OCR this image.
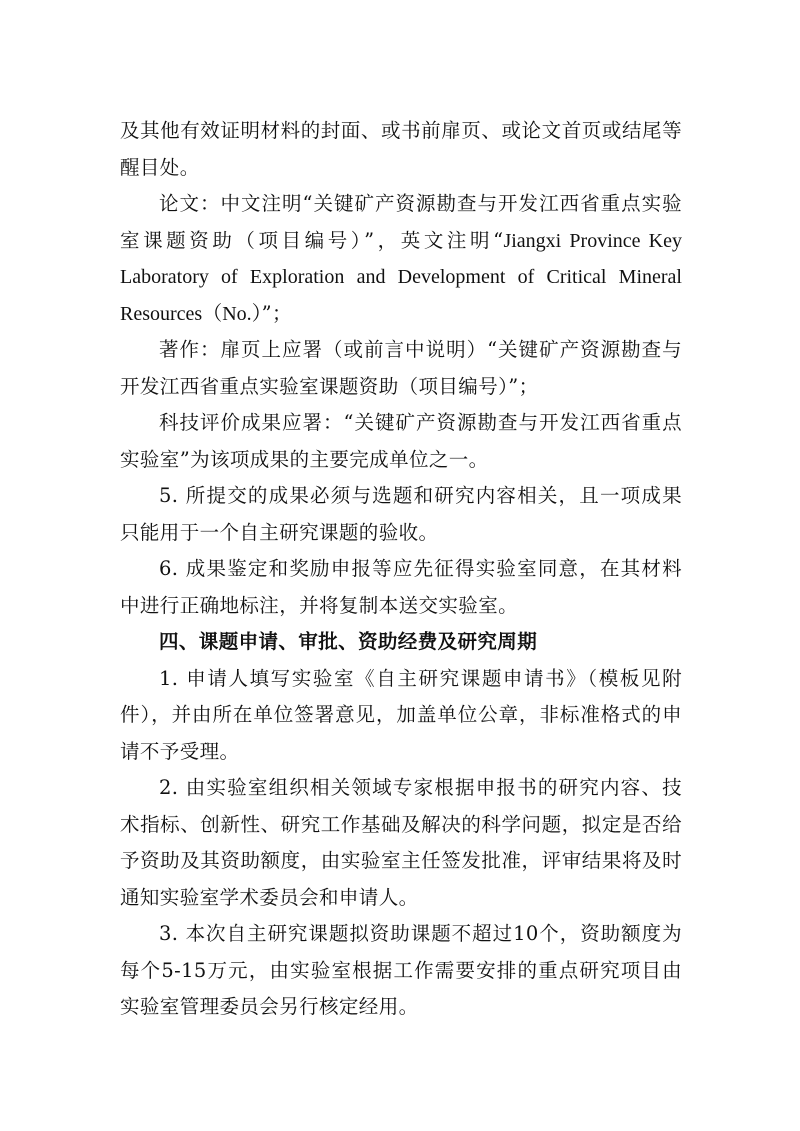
及其他有效证明材料的封面、或书前扉页、或论文首页或结尾等醒目处。

论文：中文注明“关键矿产资源勘查与开发江西省重点实验室课题资助（项目编号）”，英文注明“Jiangxi Province Key Laboratory of Exploration and Development of Critical Mineral Resources（No.）”；

著作：扉页上应署（或前言中说明）“关键矿产资源勘查与开发江西省重点实验室课题资助（项目编号）”；

科技评价成果应署：“关键矿产资源勘查与开发江西省重点实验室”为该项成果的主要完成单位之一。

5. 所提交的成果必须与选题和研究内容相关，且一项成果只能用于一个自主研究课题的验收。

6. 成果鉴定和奖励申报等应先征得实验室同意，在其材料中进行正确地标注，并将复制本送交实验室。

四、课题申请、审批、资助经费及研究周期

1. 申请人填写实验室《自主研究课题申请书》（模板见附件），并由所在单位签署意见，加盖单位公章，非标准格式的申请不予受理。

2. 由实验室组织相关领域专家根据申报书的研究内容、技术指标、创新性、研究工作基础及解决的科学问题，拟定是否给予资助及其资助额度，由实验室主任签发批准，评审结果将及时通知实验室学术委员会和申请人。

3. 本次自主研究课题拟资助课题不超过10个，资助额度为每个5-15万元，由实验室根据工作需要安排的重点研究项目由实验室管理委员会另行核定经用。
